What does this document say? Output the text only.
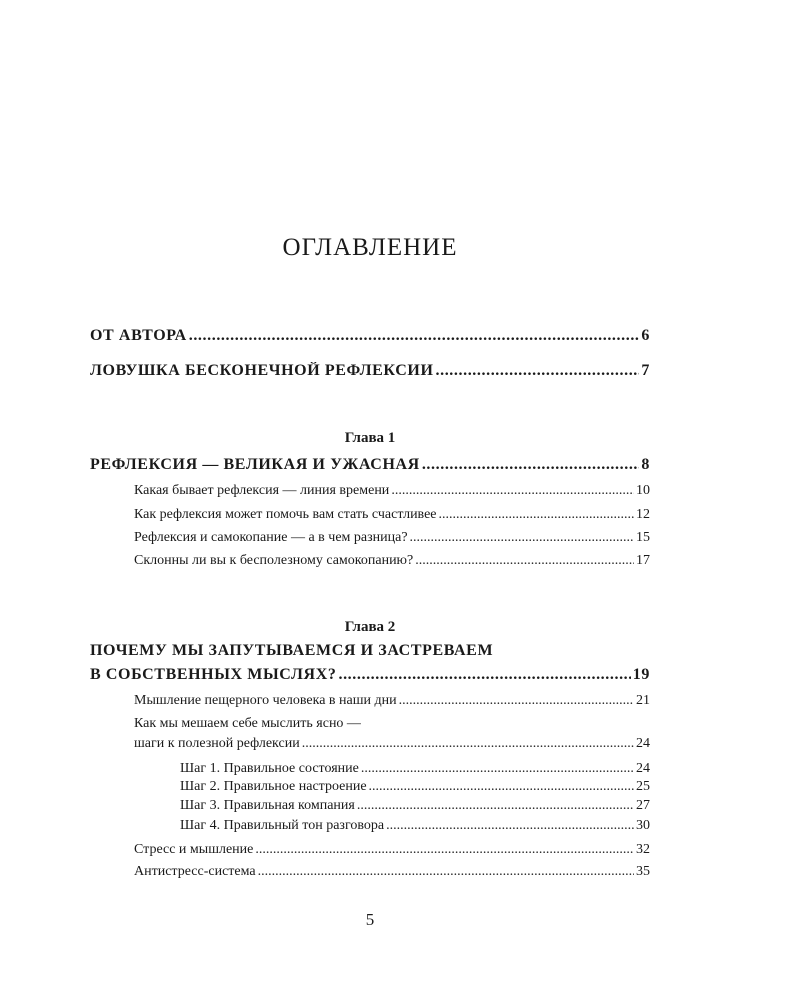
ОГЛАВЛЕНИЕ
ОТ АВТОРА .....	6
ЛОВУШКА БЕСКОНЕЧНОЙ РЕФЛЕКСИИ .....	7
Глава 1
РЕФЛЕКСИЯ — ВЕЛИКАЯ И УЖАСНАЯ .....	8
Какая бывает рефлексия — линия времени .....	10
Как рефлексия может помочь вам стать счастливее .....	12
Рефлексия и самокопание — а в чем разница? .....	15
Склонны ли вы к бесполезному самокопанию? .....	17
Глава 2
ПОЧЕМУ МЫ ЗАПУТЫВАЕМСЯ И ЗАСТРЕВАЕМ
В СОБСТВЕННЫХ МЫСЛЯХ? .....	19
Мышление пещерного человека в наши дни .....	21
Как мы мешаем себе мыслить ясно —
шаги к полезной рефлексии .....	24
Шаг 1. Правильное состояние .....	24
Шаг 2. Правильное настроение .....	25
Шаг 3. Правильная компания .....	27
Шаг 4. Правильный тон разговора .....	30
Стресс и мышление .....	32
Антистресс-система .....	35
5
